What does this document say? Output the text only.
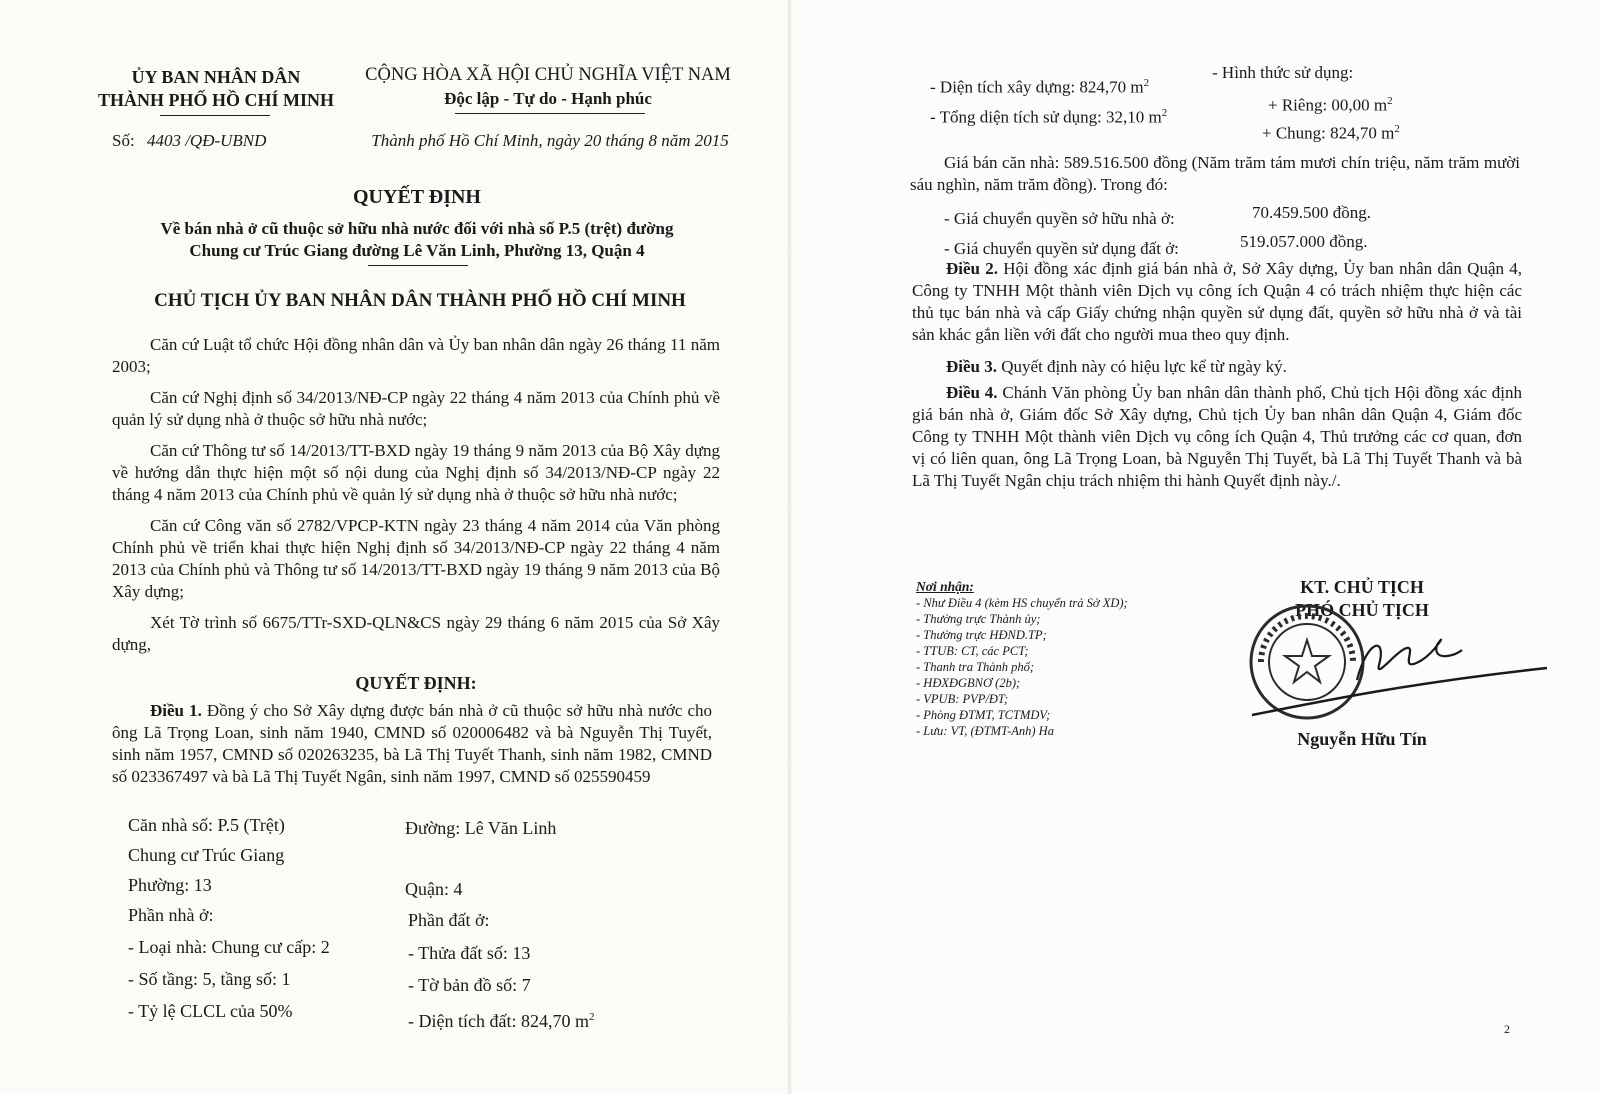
ỦY BAN NHÂN DÂN
THÀNH PHỐ HỒ CHÍ MINH
CỘNG HÒA XÃ HỘI CHỦ NGHĨA VIỆT NAM
Độc lập - Tự do - Hạnh phúc
Số: 4403 /QĐ-UBND	Thành phố Hồ Chí Minh, ngày 20 tháng 8 năm 2015
QUYẾT ĐỊNH
Về bán nhà ở cũ thuộc sở hữu nhà nước đối với nhà số P.5 (trệt) đường
Chung cư Trúc Giang đường Lê Văn Linh, Phường 13, Quận 4
CHỦ TỊCH ỦY BAN NHÂN DÂN THÀNH PHỐ HỒ CHÍ MINH

Căn cứ Luật tổ chức Hội đồng nhân dân và Ủy ban nhân dân ngày 26 tháng 11 năm 2003;

Căn cứ Nghị định số 34/2013/NĐ-CP ngày 22 tháng 4 năm 2013 của Chính phủ về quản lý sử dụng nhà ở thuộc sở hữu nhà nước;

Căn cứ Thông tư số 14/2013/TT-BXD ngày 19 tháng 9 năm 2013 của Bộ Xây dựng về hướng dẫn thực hiện một số nội dung của Nghị định số 34/2013/NĐ-CP ngày 22 tháng 4 năm 2013 của Chính phủ về quản lý sử dụng nhà ở thuộc sở hữu nhà nước;

Căn cứ Công văn số 2782/VPCP-KTN ngày 23 tháng 4 năm 2014 của Văn phòng Chính phủ về triển khai thực hiện Nghị định số 34/2013/NĐ-CP ngày 22 tháng 4 năm 2013 của Chính phủ và Thông tư số 14/2013/TT-BXD ngày 19 tháng 9 năm 2013 của Bộ Xây dựng;

Xét Tờ trình số 6675/TTr-SXD-QLN&CS ngày 29 tháng 6 năm 2015 của Sở Xây dựng,

QUYẾT ĐỊNH:
Điều 1. Đồng ý cho Sở Xây dựng được bán nhà ở cũ thuộc sở hữu nhà nước cho ông Lã Trọng Loan, sinh năm 1940, CMND số 020006482 và bà Nguyễn Thị Tuyết, sinh năm 1957, CMND số 020263235, bà Lã Thị Tuyết Thanh, sinh năm 1982, CMND số 023367497 và bà Lã Thị Tuyết Ngân, sinh năm 1997, CMND số 025590459
Căn nhà số: P.5 (Trệt)	Đường: Lê Văn Linh
Chung cư Trúc Giang
Phường: 13	Quận: 4
Phần nhà ở:	Phần đất ở:
- Loại nhà: Chung cư cấp: 2	- Thửa đất số: 13
- Số tầng: 5, tầng số: 1	- Tờ bản đồ số: 7
- Tỷ lệ CLCL của 50%	- Diện tích đất: 824,70 $m^2$
- Diện tích xây dựng: 824,70 $m^2$
- Hình thức sử dụng:
- Tổng diện tích sử dụng: 32,10 $m^2$	+ Riêng: 00,00 $m^2$
+ Chung: 824,70 $m^2$
Giá bán căn nhà: 589.516.500 đồng (Năm trăm tám mươi chín triệu, năm trăm mười sáu nghìn, năm trăm đồng). Trong đó:
- Giá chuyển quyền sở hữu nhà ở:	70.459.500 đồng.
- Giá chuyển quyền sử dụng đất ở:	519.057.000 đồng.
Điều 2. Hội đồng xác định giá bán nhà ở, Sở Xây dựng, Ủy ban nhân dân Quận 4, Công ty TNHH Một thành viên Dịch vụ công ích Quận 4 có trách nhiệm thực hiện các thủ tục bán nhà và cấp Giấy chứng nhận quyền sử dụng đất, quyền sở hữu nhà ở và tài sản khác gắn liền với đất cho người mua theo quy định.
Điều 3. Quyết định này có hiệu lực kể từ ngày ký.
Điều 4. Chánh Văn phòng Ủy ban nhân dân thành phố, Chủ tịch Hội đồng xác định giá bán nhà ở, Giám đốc Sở Xây dựng, Chủ tịch Ủy ban nhân dân Quận 4, Giám đốc Công ty TNHH Một thành viên Dịch vụ công ích Quận 4, Thủ trưởng các cơ quan, đơn vị có liên quan, ông Lã Trọng Loan, bà Nguyễn Thị Tuyết, bà Lã Thị Tuyết Thanh và bà Lã Thị Tuyết Ngân chịu trách nhiệm thi hành Quyết định này./.
Nơi nhận:
- Như Điều 4 (kèm HS chuyển trả Sở XD);
- Thường trực Thành ủy;
- Thường trực HĐND.TP;
- TTUB: CT, các PCT;
- Thanh tra Thành phố;
- HĐXĐGBNƠ (2b);
- VPUB: PVP/ĐT;
- Phòng ĐTMT, TCTMDV;
- Lưu: VT, (ĐTMT-Anh) Ha
KT. CHỦ TỊCH
PHÓ CHỦ TỊCH
Nguyễn Hữu Tín
2
